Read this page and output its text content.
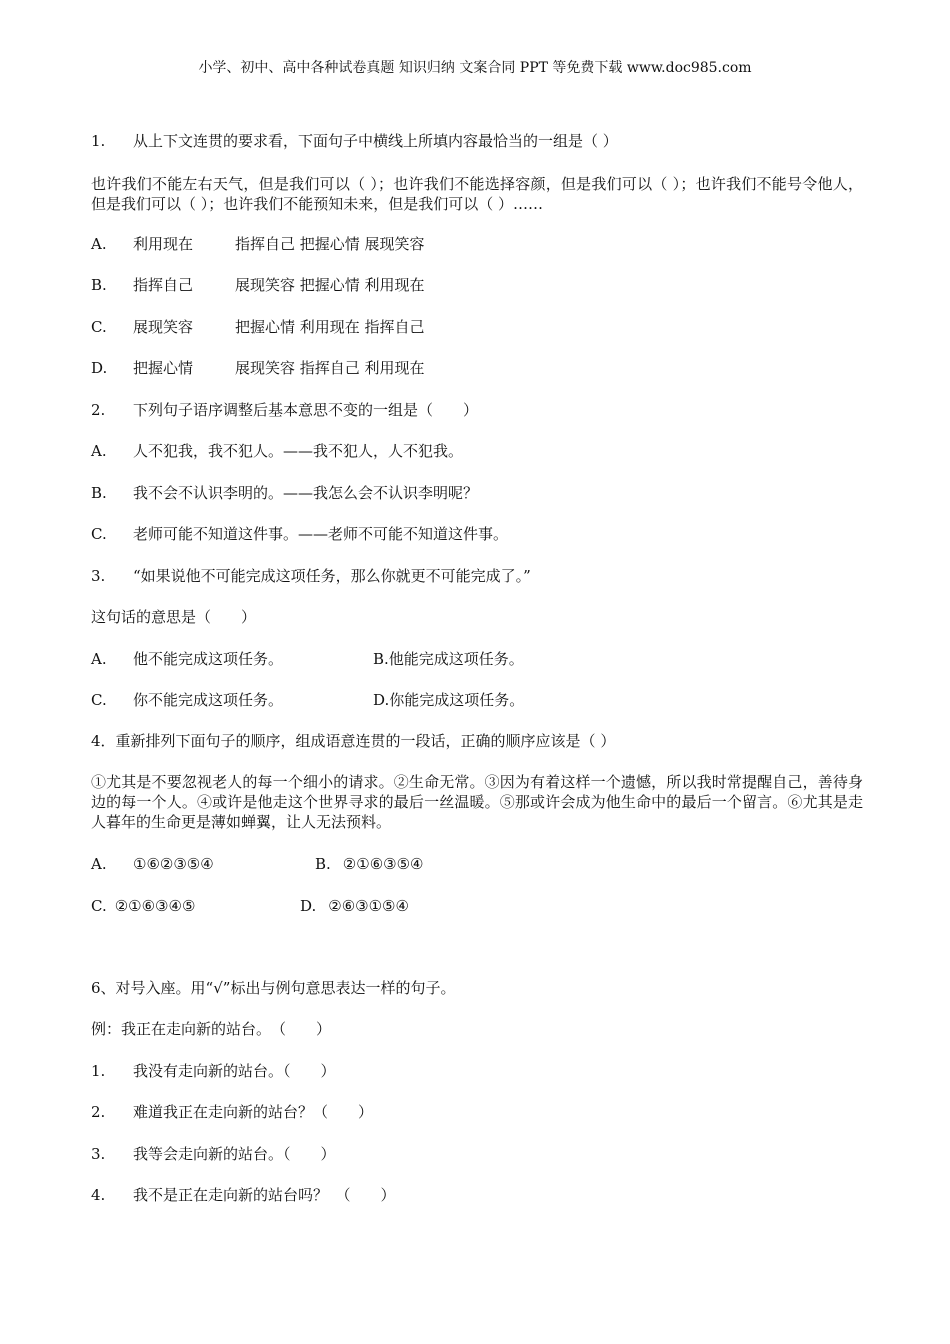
小学、初中、高中各种试卷真题 知识归纳 文案合同 PPT 等免费下载 www.doc985.com
1. 从上下文连贯的要求看，下面句子中横线上所填内容最恰当的一组是（ ）
也许我们不能左右天气，但是我们可以（ ）；也许我们不能选择容颜，但是我们可以（ ）；也许我们不能号令他人，但是我们可以（ ）；也许我们不能预知未来，但是我们可以（ ）……
A. 利用现在	指挥自己 把握心情 展现笑容
B. 指挥自己	展现笑容 把握心情 利用现在
C. 展现笑容	把握心情 利用现在 指挥自己
D. 把握心情	展现笑容 指挥自己 利用现在
2. 下列句子语序调整后基本意思不变的一组是（　　）
A. 人不犯我，我不犯人。——我不犯人，人不犯我。
B. 我不会不认识李明的。——我怎么会不认识李明呢？
C. 老师可能不知道这件事。——老师不可能不知道这件事。
3. “如果说他不可能完成这项任务，那么你就更不可能完成了。”
这句话的意思是（　　）
A. 他不能完成这项任务。	B.他能完成这项任务。
C. 你不能完成这项任务。	D.你能完成这项任务。
4．重新排列下面句子的顺序，组成语意连贯的一段话，正确的顺序应该是（ ）
①尤其是不要忽视老人的每一个细小的请求。②生命无常。③因为有着这样一个遗憾，所以我时常提醒自己，善待身边的每一个人。④或许是他走这个世界寻求的最后一丝温暖。⑤那或许会成为他生命中的最后一个留言。⑥尤其是走人暮年的生命更是薄如蝉翼，让人无法预料。
A. ①⑥②③⑤④	B. ②①⑥③⑤④
C. ②①⑥③④⑤	D. ②⑥③①⑤④
6、对号入座。用“√”标出与例句意思表达一样的句子。
例：我正在走向新的站台。　（　　）
1. 我没有走向新的站台。（　　）
2. 难道我正在走向新的站台？（　　）
3. 我等会走向新的站台。（　　）
4. 我不是正在走向新的站台吗？　（　　）
